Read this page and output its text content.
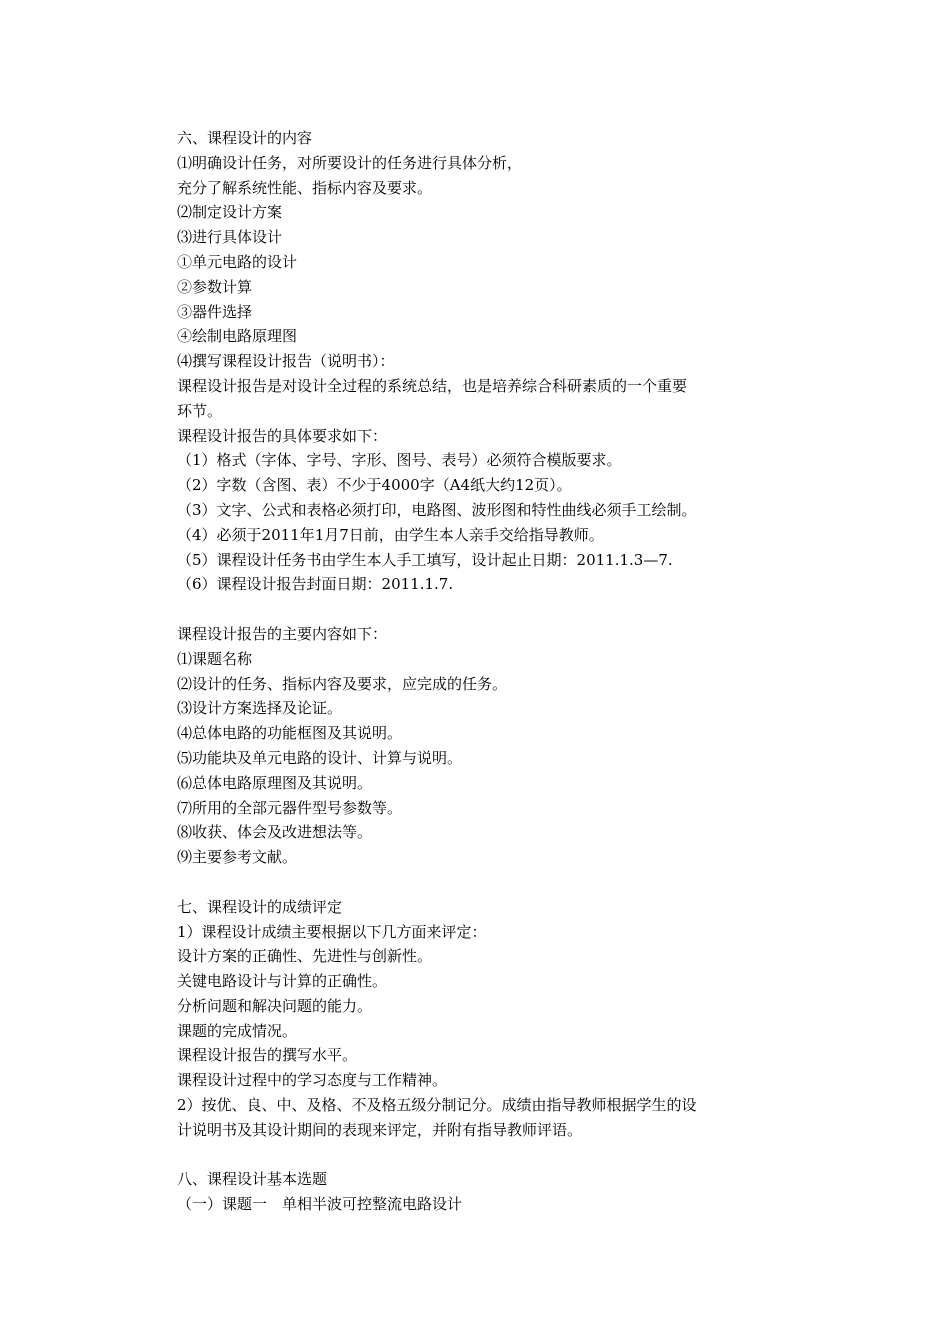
六、课程设计的内容
⑴明确设计任务，对所要设计的任务进行具体分析，
充分了解系统性能、指标内容及要求。
⑵制定设计方案
⑶进行具体设计
①单元电路的设计
②参数计算
③器件选择
④绘制电路原理图
⑷撰写课程设计报告（说明书）：
课程设计报告是对设计全过程的系统总结，也是培养综合科研素质的一个重要
环节。
课程设计报告的具体要求如下：
（1）格式（字体、字号、字形、图号、表号）必须符合模版要求。
（2）字数（含图、表）不少于4000字（A4纸大约12页）。
（3）文字、公式和表格必须打印，电路图、波形图和特性曲线必须手工绘制。
（4）必须于2011年1月7日前，由学生本人亲手交给指导教师。
（5）课程设计任务书由学生本人手工填写，设计起止日期：2011.1.3—7.
（6）课程设计报告封面日期：2011.1.7.
课程设计报告的主要内容如下：
⑴课题名称
⑵设计的任务、指标内容及要求，应完成的任务。
⑶设计方案选择及论证。
⑷总体电路的功能框图及其说明。
⑸功能块及单元电路的设计、计算与说明。
⑹总体电路原理图及其说明。
⑺所用的全部元器件型号参数等。
⑻收获、体会及改进想法等。
⑼主要参考文献。
七、课程设计的成绩评定
1）课程设计成绩主要根据以下几方面来评定：
设计方案的正确性、先进性与创新性。
关键电路设计与计算的正确性。
分析问题和解决问题的能力。
课题的完成情况。
课程设计报告的撰写水平。
课程设计过程中的学习态度与工作精神。
2）按优、良、中、及格、不及格五级分制记分。成绩由指导教师根据学生的设
计说明书及其设计期间的表现来评定，并附有指导教师评语。
八、课程设计基本选题
（一）课题一　单相半波可控整流电路设计
